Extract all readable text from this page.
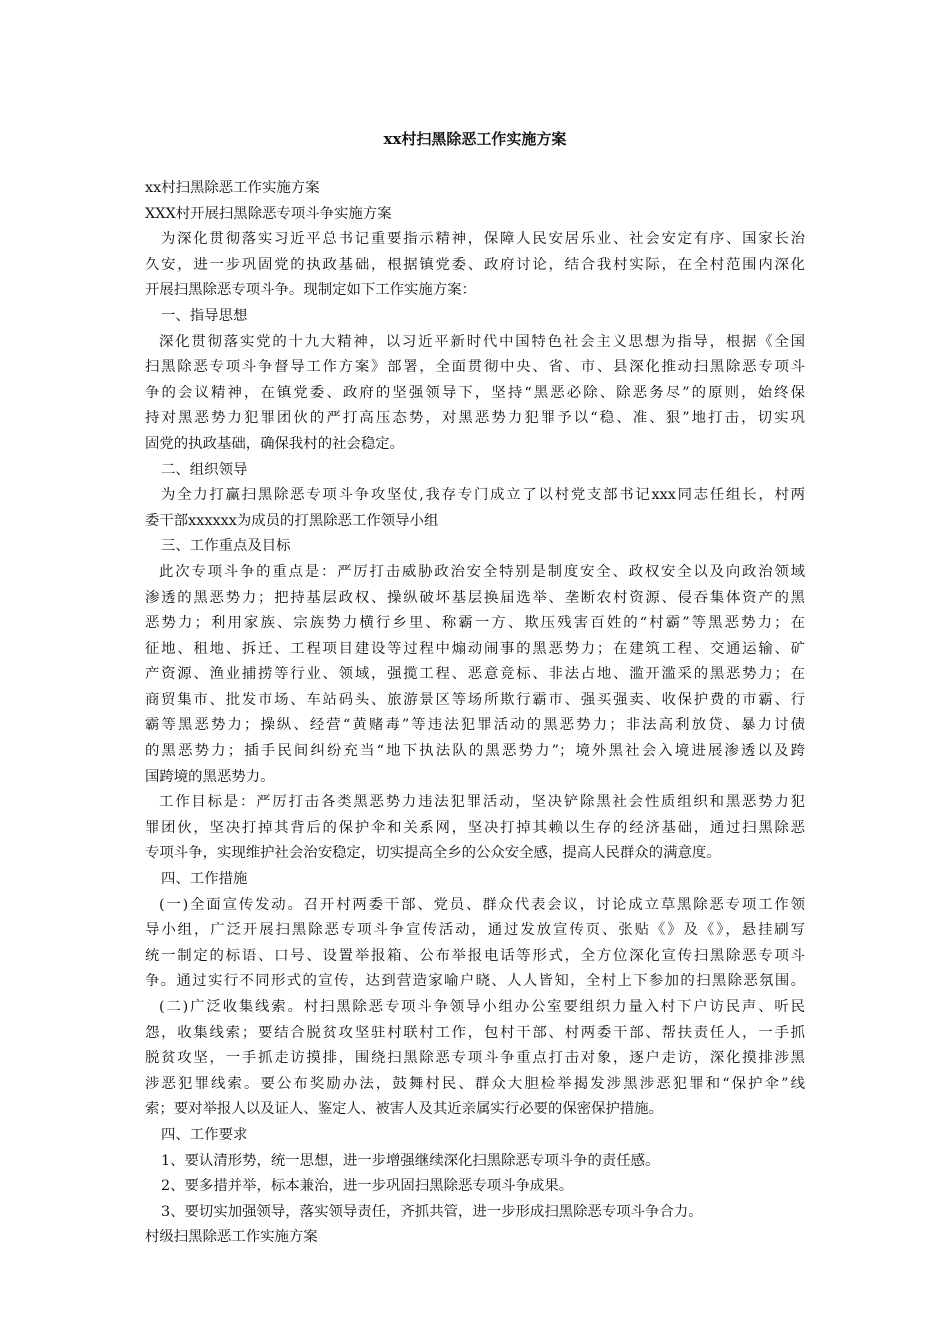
xx村扫黑除恶工作实施方案
xx村扫黑除恶工作实施方案
XXX村开展扫黑除恶专项斗争实施方案
为深化贯彻落实习近平总书记重要指示精神，保障人民安居乐业、社会安定有序、国家长治
久安，进一步巩固党的执政基础，根据镇党委、政府讨论，结合我村实际，在全村范围内深化
开展扫黑除恶专项斗争。现制定如下工作实施方案：
一、指导思想
深化贯彻落实党的十九大精神，以习近平新时代中国特色社会主义思想为指导，根据《全国
扫黑除恶专项斗争督导工作方案》部署，全面贯彻中央、省、市、县深化推动扫黑除恶专项斗
争的会议精神，在镇党委、政府的坚强领导下，坚持“黑恶必除、除恶务尽”的原则，始终保
持对黑恶势力犯罪团伙的严打高压态势，对黑恶势力犯罪予以“稳、准、狠”地打击，切实巩
固党的执政基础，确保我村的社会稳定。
二、组织领导
为全力打赢扫黑除恶专项斗争攻坚仗,我存专门成立了以村党支部书记xxx同志任组长，村两
委干部xxxxxx为成员的打黑除恶工作领导小组
三、工作重点及目标
此次专项斗争的重点是：严厉打击威胁政治安全特别是制度安全、政权安全以及向政治领域
渗透的黑恶势力；把持基层政权、操纵破坏基层换届选举、垄断农村资源、侵吞集体资产的黑
恶势力；利用家族、宗族势力横行乡里、称霸一方、欺压残害百姓的“村霸”等黑恶势力；在
征地、租地、拆迁、工程项目建设等过程中煽动闹事的黑恶势力；在建筑工程、交通运输、矿
产资源、渔业捕捞等行业、领域，强揽工程、恶意竞标、非法占地、滥开滥采的黑恶势力；在
商贸集市、批发市场、车站码头、旅游景区等场所欺行霸市、强买强卖、收保护费的市霸、行
霸等黑恶势力；操纵、经营“黄赌毒”等违法犯罪活动的黑恶势力；非法高利放贷、暴力讨债
的黑恶势力；插手民间纠纷充当“地下执法队的黑恶势力”；境外黑社会入境进展渗透以及跨
国跨境的黑恶势力。
工作目标是：严厉打击各类黑恶势力违法犯罪活动，坚决铲除黑社会性质组织和黑恶势力犯
罪团伙，坚决打掉其背后的保护伞和关系网，坚决打掉其赖以生存的经济基础，通过扫黑除恶
专项斗争，实现维护社会治安稳定，切实提高全乡的公众安全感，提高人民群众的满意度。
四、工作措施
(一)全面宣传发动。召开村两委干部、党员、群众代表会议，讨论成立草黑除恶专项工作领
导小组，广泛开展扫黑除恶专项斗争宣传活动，通过发放宣传页、张贴《》及《》，悬挂刷写
统一制定的标语、口号、设置举报箱、公布举报电话等形式，全方位深化宣传扫黑除恶专项斗
争。通过实行不同形式的宣传，达到营造家喻户晓、人人皆知，全村上下参加的扫黑除恶氛围。
(二)广泛收集线索。村扫黑除恶专项斗争领导小组办公室要组织力量入村下户访民声、听民
怨，收集线索；要结合脱贫攻坚驻村联村工作，包村干部、村两委干部、帮扶责任人，一手抓
脱贫攻坚，一手抓走访摸排，围绕扫黑除恶专项斗争重点打击对象，逐户走访，深化摸排涉黑
涉恶犯罪线索。要公布奖励办法，鼓舞村民、群众大胆检举揭发涉黑涉恶犯罪和“保护伞”线
索；要对举报人以及证人、鉴定人、被害人及其近亲属实行必要的保密保护措施。
四、工作要求
1、要认清形势，统一思想，进一步增强继续深化扫黑除恶专项斗争的责任感。
2、要多措并举，标本兼治，进一步巩固扫黑除恶专项斗争成果。
3、要切实加强领导，落实领导责任，齐抓共管，进一步形成扫黑除恶专项斗争合力。
村级扫黑除恶工作实施方案
